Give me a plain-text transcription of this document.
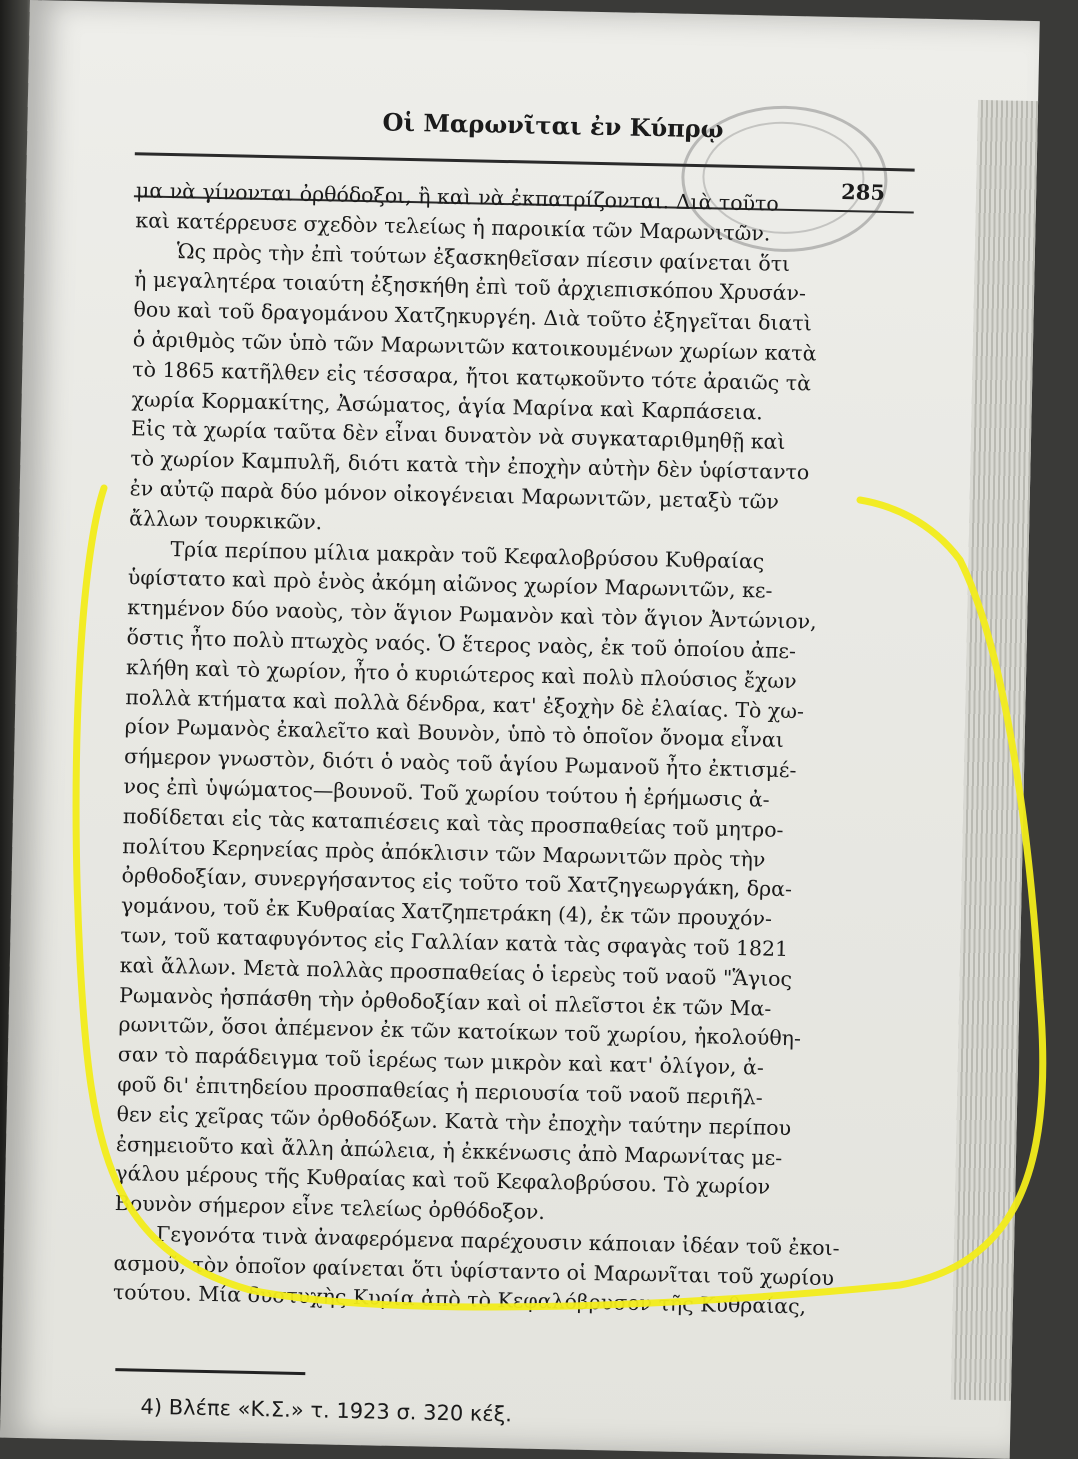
Οἱ Μαρωνῖται ἐν Κύπρῳ
285

μα νὰ γίνονται ὀρθόδοξοι, ἢ καὶ νὰ ἐκπατρίζονται. Διὰ τοῦτο
καὶ κατέρρευσε σχεδὸν τελείως ἡ παροικία τῶν Μαρωνιτῶν.
Ὡς πρὸς τὴν ἐπὶ τούτων ἐξασκηθεῖσαν πίεσιν φαίνεται ὅτι
ἡ μεγαλητέρα τοιαύτη ἐξησκήθη ἐπὶ τοῦ ἀρχιεπισκόπου Χρυσάν-
θου καὶ τοῦ δραγομάνου Χατζηκυργέη. Διὰ τοῦτο ἐξηγεῖται διατὶ
ὁ ἀριθμὸς τῶν ὑπὸ τῶν Μαρωνιτῶν κατοικουμένων χωρίων κατὰ
τὸ 1865 κατῆλθεν εἰς τέσσαρα, ἤτοι κατῳκοῦντο τότε ἀραιῶς τὰ
χωρία Κορμακίτης, Ἀσώματος, ἁγία Μαρίνα καὶ Καρπάσεια.
Εἰς τὰ χωρία ταῦτα δὲν εἶναι δυνατὸν νὰ συγκαταριθμηθῇ καὶ
τὸ χωρίον Καμπυλῆ, διότι κατὰ τὴν ἐποχὴν αὐτὴν δὲν ὑφίσταντο
ἐν αὐτῷ παρὰ δύο μόνον οἰκογένειαι Μαρωνιτῶν, μεταξὺ τῶν
ἄλλων τουρκικῶν.

Τρία περίπου μίλια μακρὰν τοῦ Κεφαλοβρύσου Κυθραίας
ὑφίστατο καὶ πρὸ ἑνὸς ἀκόμη αἰῶνος χωρίον Μαρωνιτῶν, κε-
κτημένον δύο ναοὺς, τὸν ἅγιον Ρωμανὸν καὶ τὸν ἅγιον Ἀντώνιον,
ὅστις ἦτο πολὺ πτωχὸς ναός. Ὁ ἕτερος ναὸς, ἐκ τοῦ ὁποίου ἀπε-
κλήθη καὶ τὸ χωρίον, ἦτο ὁ κυριώτερος καὶ πολὺ πλούσιος ἔχων
πολλὰ κτήματα καὶ πολλὰ δένδρα, κατ' ἐξοχὴν δὲ ἐλαίας. Τὸ χω-
ρίον Ρωμανὸς ἐκαλεῖτο καὶ Βουνὸν, ὑπὸ τὸ ὁποῖον ὄνομα εἶναι
σήμερον γνωστὸν, διότι ὁ ναὸς τοῦ ἁγίου Ρωμανοῦ ἦτο ἐκτισμέ-
νος ἐπὶ ὑψώματος—βουνοῦ. Τοῦ χωρίου τούτου ἡ ἐρήμωσις ἀ-
ποδίδεται εἰς τὰς καταπιέσεις καὶ τὰς προσπαθείας τοῦ μητρο-
πολίτου Κερηνείας πρὸς ἀπόκλισιν τῶν Μαρωνιτῶν πρὸς τὴν
ὀρθοδοξίαν, συνεργήσαντος εἰς τοῦτο τοῦ Χατζηγεωργάκη, δρα-
γομάνου, τοῦ ἐκ Κυθραίας Χατζηπετράκη (4), ἐκ τῶν προυχόν-
των, τοῦ καταφυγόντος εἰς Γαλλίαν κατὰ τὰς σφαγὰς τοῦ 1821
καὶ ἄλλων. Μετὰ πολλὰς προσπαθείας ὁ ἱερεὺς τοῦ ναοῦ "Ἅγιος
Ρωμανὸς ἠσπάσθη τὴν ὀρθοδοξίαν καὶ οἱ πλεῖστοι ἐκ τῶν Μα-
ρωνιτῶν, ὅσοι ἀπέμενον ἐκ τῶν κατοίκων τοῦ χωρίου, ἠκολούθη-
σαν τὸ παράδειγμα τοῦ ἱερέως των μικρὸν καὶ κατ' ὀλίγον, ἀ-
φοῦ δι' ἐπιτηδείου προσπαθείας ἡ περιουσία τοῦ ναοῦ περιῆλ-
θεν εἰς χεῖρας τῶν ὀρθοδόξων. Κατὰ τὴν ἐποχὴν ταύτην περίπου
ἐσημειοῦτο καὶ ἄλλη ἀπώλεια, ἡ ἐκκένωσις ἀπὸ Μαρωνίτας με-
γάλου μέρους τῆς Κυθραίας καὶ τοῦ Κεφαλοβρύσου. Τὸ χωρίον
Βουνὸν σήμερον εἶνε τελείως ὀρθόδοξον.

Γεγονότα τινὰ ἀναφερόμενα παρέχουσιν κάποιαν ἰδέαν τοῦ ἐκοι-
ασμοῦ, τὸν ὁποῖον φαίνεται ὅτι ὑφίσταντο οἱ Μαρωνῖται τοῦ χωρίου
τούτου. Μία δυστυχὴς Κυρία ἀπὸ τὸ Κεφαλόβρυσον τῆς Κυθραίας,

4) Βλέπε «Κ.Σ.» τ. 1923 σ. 320 κέξ.
